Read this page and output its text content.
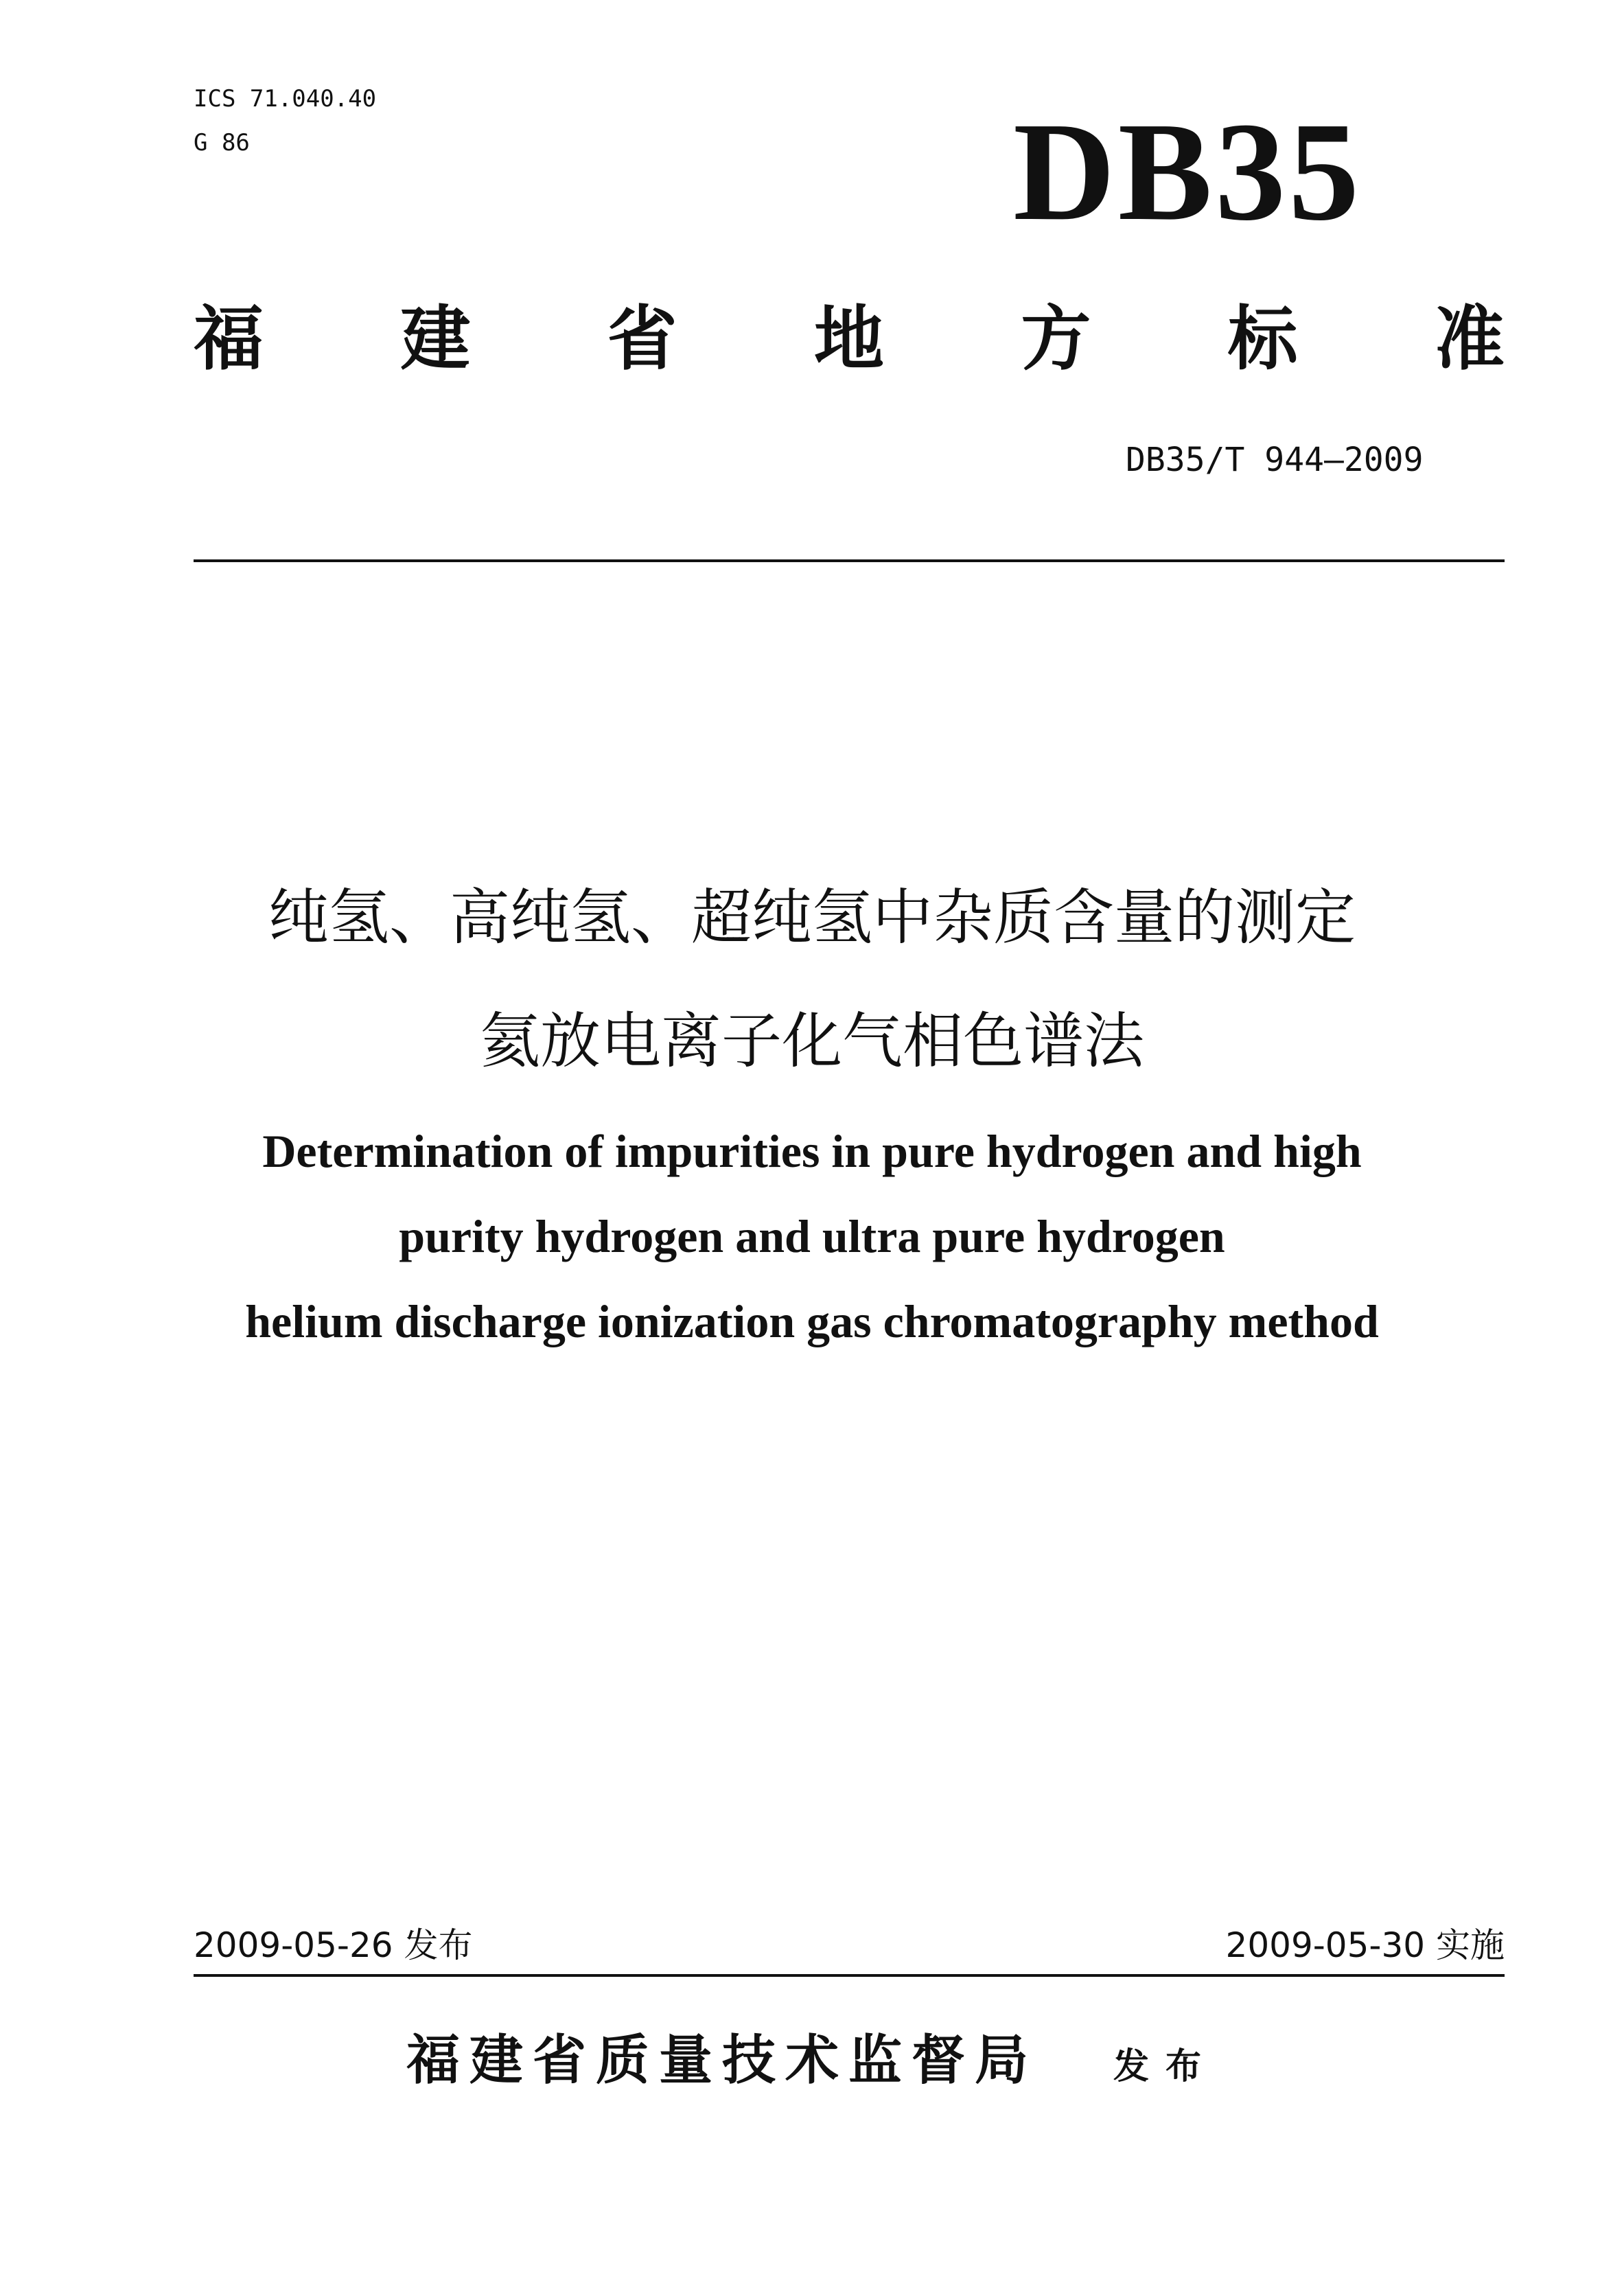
ICS 71.040.40
G 86	DB35
福 建 省 地 方 标 准
DB35/T 944—2009
纯氢、高纯氢、超纯氢中杂质含量的测定
氦放电离子化气相色谱法
Determination of impurities in pure hydrogen and high
purity hydrogen and ultra pure hydrogen
helium discharge ionization gas chromatography method
2009-05-26 发布	2009-05-30 实施
福建省质量技术监督局 发布
